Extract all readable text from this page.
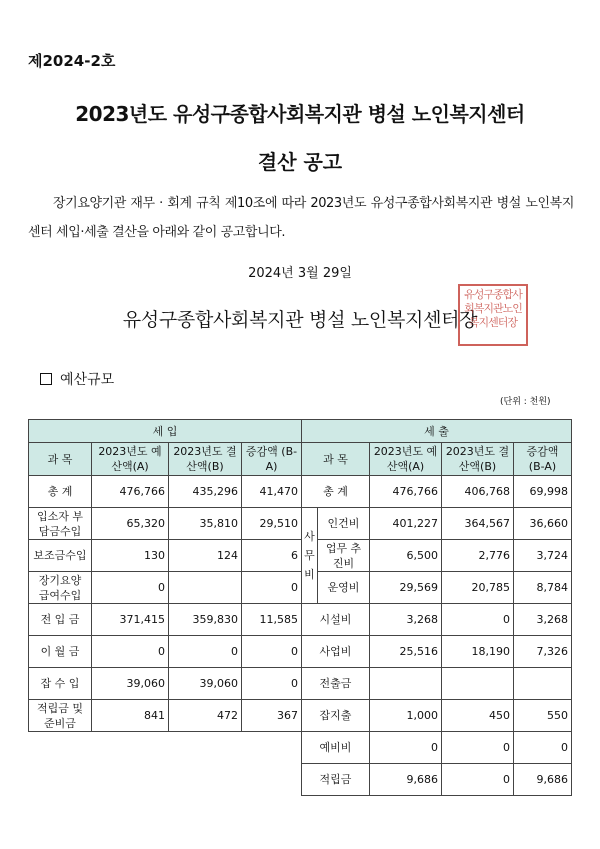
제2024-2호
2023년도 유성구종합사회복지관 병설 노인복지센터
결산 공고
장기요양기관 재무 · 회계 규칙 제10조에 따라 2023년도 유성구종합사회복지관 병설 노인복지센터 세입·세출 결산을 아래와 같이 공고합니다.
2024년 3월 29일
유성구종합사회복지관 병설 노인복지센터장
유성구종합사회복지관노인복지센터장
예산규모
(단위 : 천원)
세 입				세 출				
과 목	2023년도 예산액(A)	2023년도 결산액(B)	증감액 (B-A)	과 목		2023년도 예산액(A)	2023년도 결산액(B)	증감액 (B-A)
총 계	476,766	435,296	41,470	총 계		476,766	406,768	69,998
입소자 부담금수입	65,320	35,810	29,510	사무비	인건비	401,227	364,567	36,660
보조금수입	130	124	6		업무 추진비	6,500	2,776	3,724
장기요양 급여수입	0		0		운영비	29,569	20,785	8,784
전 입 금	371,415	359,830	11,585	시설비		3,268	0	3,268
이 월 금	0	0	0	사업비		25,516	18,190	7,326
잡 수 입	39,060	39,060	0	전출금				
적립금 및 준비금	841	472	367	잡지출		1,000	450	550
				예비비		0	0	0
				적립금		9,686	0	9,686
